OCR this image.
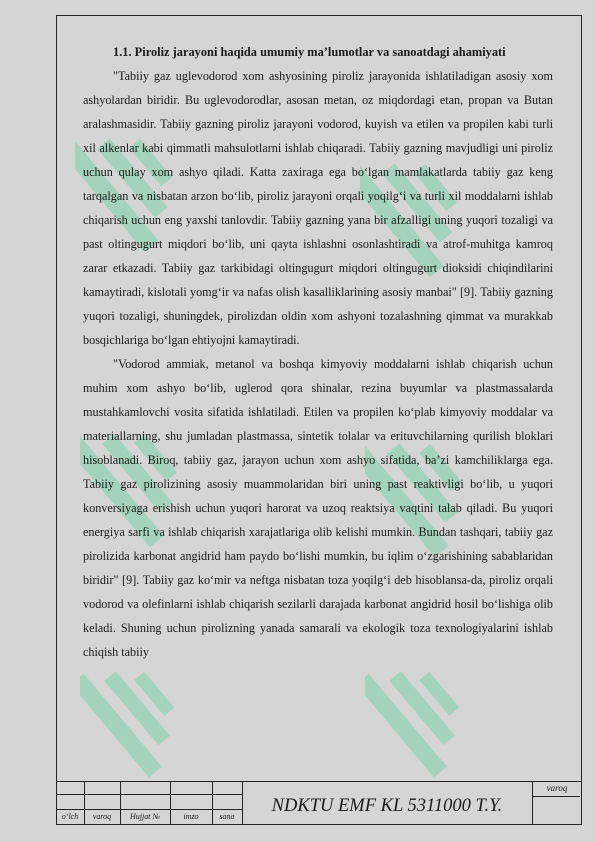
1.1. Piroliz jarayoni haqida umumiy ma’lumotlar va sanoatdagi ahamiyati

"Tabiiy gaz uglevodorod xom ashyosining piroliz jarayonida ishlatiladigan asosiy xom ashyolardan biridir. Bu uglevodorodlar, asosan metan, oz miqdordagi etan, propan va Butan aralashmasidir. Tabiiy gazning piroliz jarayoni vodorod, kuyish va etilen va propilen kabi turli xil alkenlar kabi qimmatli mahsulotlarni ishlab chiqaradi. Tabiiy gazning mavjudligi uni piroliz uchun qulay xom ashyo qiladi. Katta zaxiraga ega bo‘lgan mamlakatlarda tabiiy gaz keng tarqalgan va nisbatan arzon bo‘lib, piroliz jarayoni orqali yoqilg‘i va turli xil moddalarni ishlab chiqarish uchun eng yaxshi tanlovdir. Tabiiy gazning yana bir afzalligi uning yuqori tozaligi va past oltingugurt miqdori bo‘lib, uni qayta ishlashni osonlashtiradi va atrof-muhitga kamroq zarar etkazadi. Tabiiy gaz tarkibidagi oltingugurt miqdori oltingugurt dioksidi chiqindilarini kamaytiradi, kislotali yomg‘ir va nafas olish kasalliklarining asosiy manbai" [9]. Tabiiy gazning yuqori tozaligi, shuningdek, pirolizdan oldin xom ashyoni tozalashning qimmat va murakkab bosqichlariga bo‘lgan ehtiyojni kamaytiradi.

"Vodorod ammiak, metanol va boshqa kimyoviy moddalarni ishlab chiqarish uchun muhim xom ashyo bo‘lib, uglerod qora shinalar, rezina buyumlar va plastmassalarda mustahkamlovchi vosita sifatida ishlatiladi. Etilen va propilen ko‘plab kimyoviy moddalar va materiallarning, shu jumladan plastmassa, sintetik tolalar va erituvchilarning qurilish bloklari hisoblanadi. Biroq, tabiiy gaz, jarayon uchun xom ashyo sifatida, ba’zi kamchiliklarga ega. Tabiiy gaz pirolizining asosiy muammolaridan biri uning past reaktivligi bo‘lib, u yuqori konversiyaga erishish uchun yuqori harorat va uzoq reaktsiya vaqtini talab qiladi. Bu yuqori energiya sarfi va ishlab chiqarish xarajatlariga olib kelishi mumkin. Bundan tashqari, tabiiy gaz pirolizida karbonat angidrid ham paydo bo‘lishi mumkin, bu iqlim o‘zgarishining sabablaridan biridir" [9]. Tabiiy gaz ko‘mir va neftga nisbatan toza yoqilg‘i deb hisoblansa-da, piroliz orqali vodorod va olefinlarni ishlab chiqarish sezilarli darajada karbonat angidrid hosil bo‘lishiga olib keladi. Shuning uchun pirolizning yanada samarali va ekologik toza texnologiyalarini ishlab chiqish tabiiy

o‘lch	varoq	Hujjat №	imzo	sana
NDKTU EMF KL 5311000 T.Y.
varoq
